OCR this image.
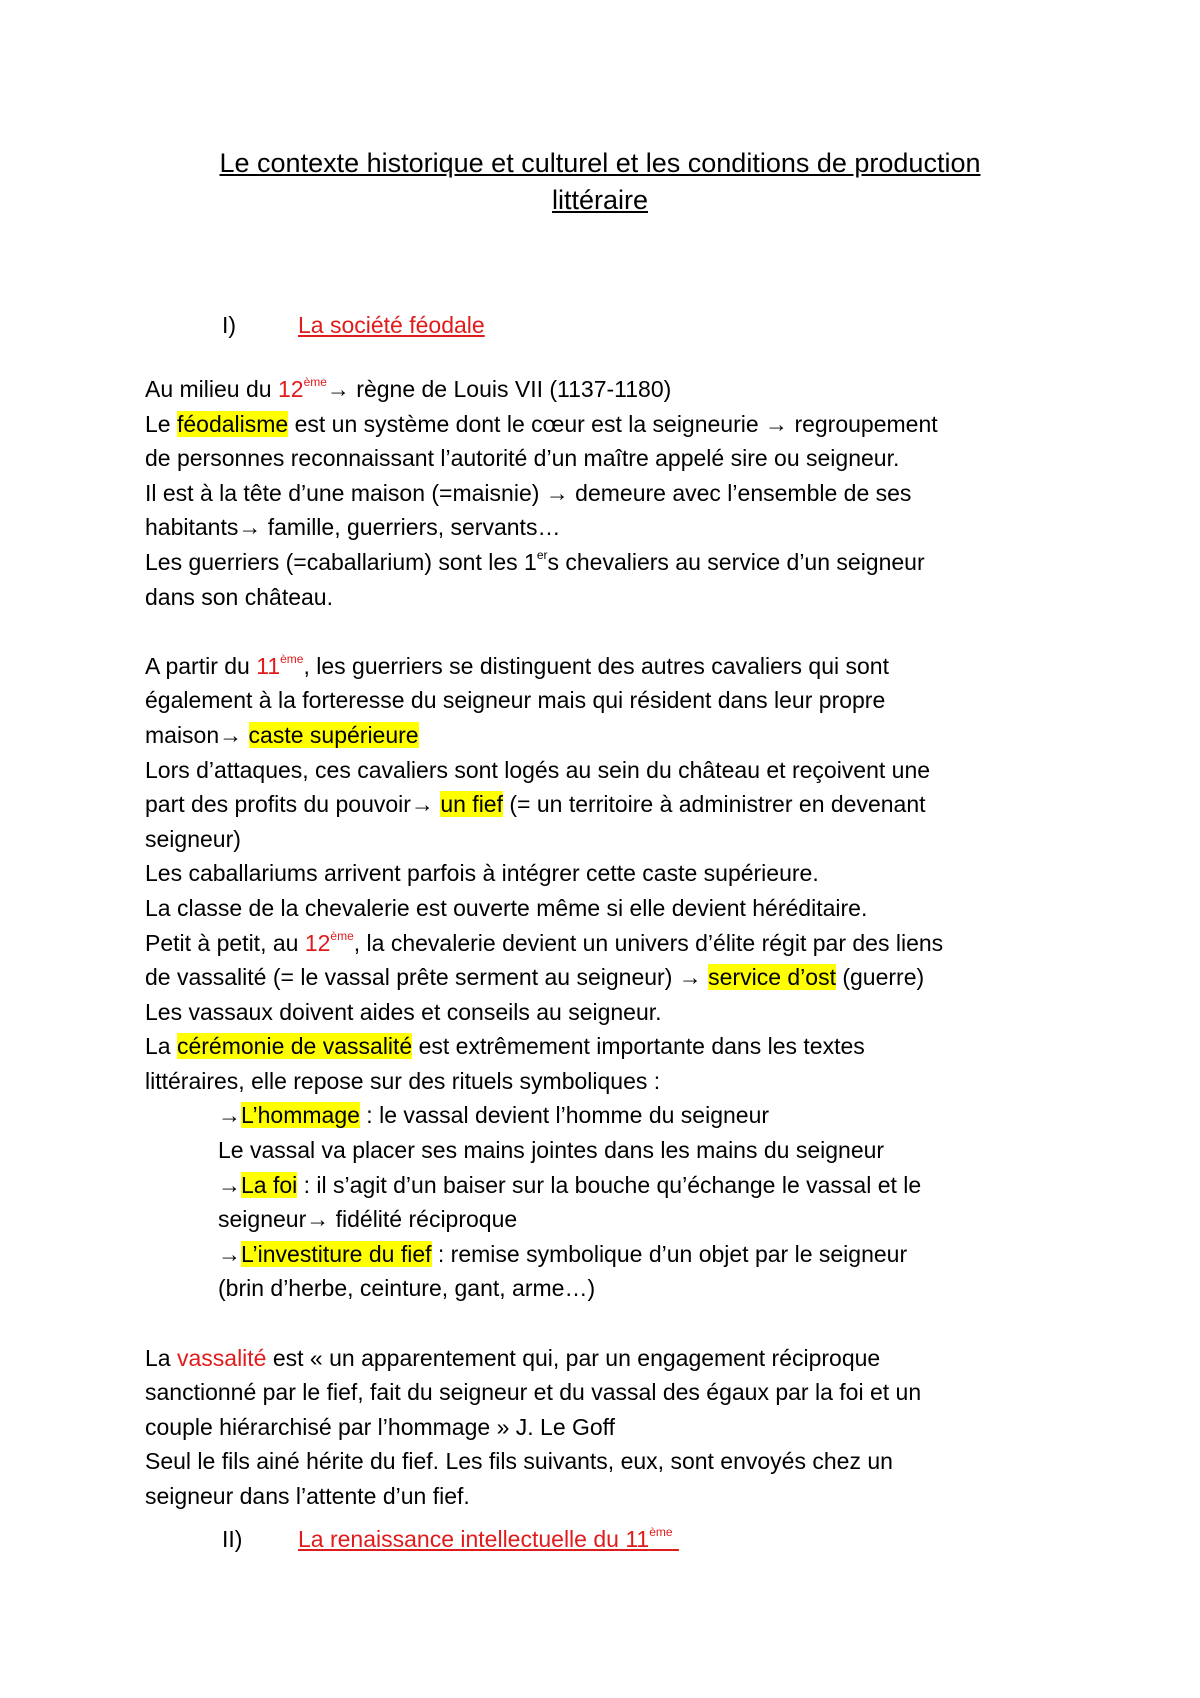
Le contexte historique et culturel et les conditions de production
littéraire
I)	La société féodale
Au milieu du 12ème→ règne de Louis VII (1137-1180)
Le féodalisme est un système dont le cœur est la seigneurie → regroupement
de personnes reconnaissant l’autorité d’un maître appelé sire ou seigneur.
Il est à la tête d’une maison (=maisnie) → demeure avec l’ensemble de ses
habitants→ famille, guerriers, servants…
Les guerriers (=caballarium) sont les 1ers chevaliers au service d’un seigneur
dans son château.
A partir du 11ème, les guerriers se distinguent des autres cavaliers qui sont
également à la forteresse du seigneur mais qui résident dans leur propre
maison→ caste supérieure
Lors d’attaques, ces cavaliers sont logés au sein du château et reçoivent une
part des profits du pouvoir→ un fief (= un territoire à administrer en devenant
seigneur)
Les caballariums arrivent parfois à intégrer cette caste supérieure.
La classe de la chevalerie est ouverte même si elle devient héréditaire.
Petit à petit, au 12ème, la chevalerie devient un univers d’élite régit par des liens
de vassalité (= le vassal prête serment au seigneur) → service d’ost (guerre)
Les vassaux doivent aides et conseils au seigneur.
La cérémonie de vassalité est extrêmement importante dans les textes
littéraires, elle repose sur des rituels symboliques :
→L’hommage : le vassal devient l’homme du seigneur
Le vassal va placer ses mains jointes dans les mains du seigneur
→La foi : il s’agit d’un baiser sur la bouche qu’échange le vassal et le
seigneur→ fidélité réciproque
→L’investiture du fief : remise symbolique d’un objet par le seigneur
(brin d’herbe, ceinture, gant, arme…)
La vassalité est « un apparentement qui, par un engagement réciproque
sanctionné par le fief, fait du seigneur et du vassal des égaux par la foi et un
couple hiérarchisé par l’hommage » J. Le Goff
Seul le fils ainé hérite du fief. Les fils suivants, eux, sont envoyés chez un
seigneur dans l’attente d’un fief.
II) La renaissance intellectuelle du 11ème
